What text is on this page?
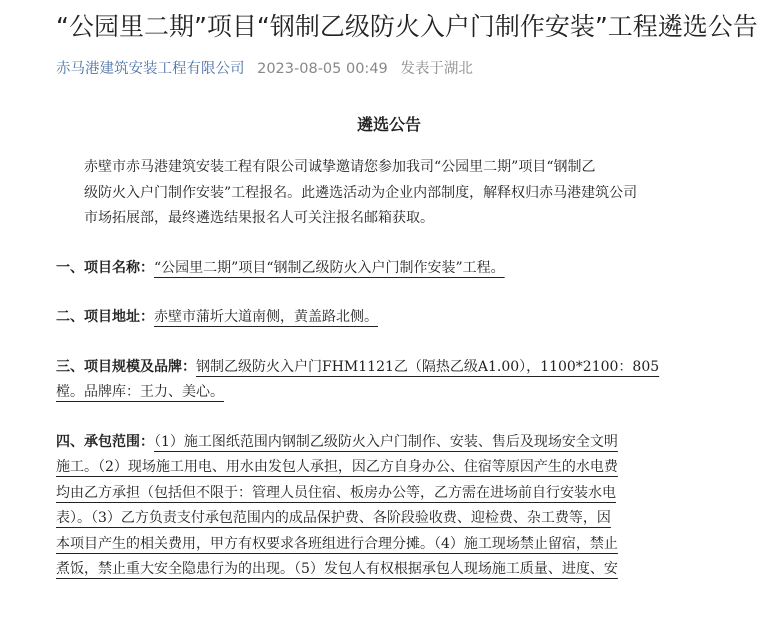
“公园里二期”项目“钢制乙级防火入户门制作安装”工程遴选公告
赤马港建筑安装工程有限公司 2023-08-05 00:49 发表于湖北
遴选公告
赤壁市赤马港建筑安装工程有限公司诚挚邀请您参加我司“公园里二期”项目“钢制乙
级防火入户门制作安装”工程报名。此遴选活动为企业内部制度，解释权归赤马港建筑公司
市场拓展部，最终遴选结果报名人可关注报名邮箱获取。
一、项目名称：“公园里二期”项目“钢制乙级防火入户门制作安装”工程。
二、项目地址：赤壁市蒲圻大道南侧，黄盖路北侧。
三、项目规模及品牌：钢制乙级防火入户门FHM1121乙（隔热乙级A1.00），1100*2100：805
樘。品牌库：王力、美心。
四、承包范围：（1）施工图纸范围内钢制乙级防火入户门制作、安装、售后及现场安全文明
施工。（2）现场施工用电、用水由发包人承担，因乙方自身办公、住宿等原因产生的水电费
均由乙方承担（包括但不限于：管理人员住宿、板房办公等，乙方需在进场前自行安装水电
表）。（3）乙方负责支付承包范围内的成品保护费、各阶段验收费、迎检费、杂工费等，因
本项目产生的相关费用，甲方有权要求各班组进行合理分摊。（4）施工现场禁止留宿，禁止
煮饭，禁止重大安全隐患行为的出现。（5）发包人有权根据承包人现场施工质量、进度、安
